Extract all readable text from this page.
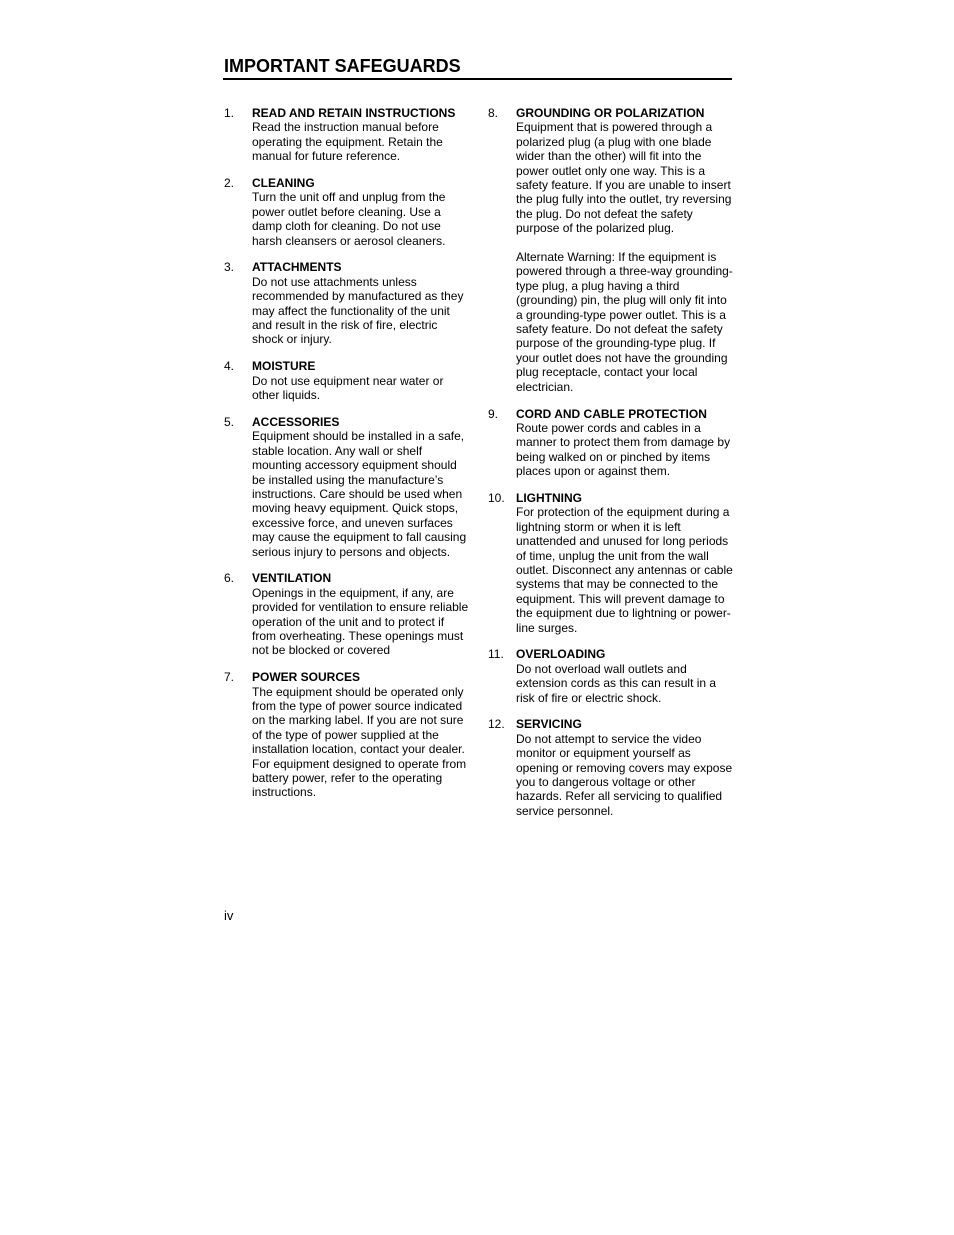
IMPORTANT SAFEGUARDS
1.	READ AND RETAIN INSTRUCTIONS
Read the instruction manual before operating the equipment. Retain the manual for future reference.
2.	CLEANING
Turn the unit off and unplug from the power outlet before cleaning. Use a damp cloth for cleaning. Do not use harsh cleansers or aerosol cleaners.
3.	ATTACHMENTS
Do not use attachments unless recommended by manufactured as they may affect the functionality of the unit and result in the risk of fire, electric shock or injury.
4.	MOISTURE
Do not use equipment near water or other liquids.
5.	ACCESSORIES
Equipment should be installed in a safe, stable location. Any wall or shelf mounting accessory equipment should be installed using the manufacture’s instructions. Care should be used when moving heavy equipment. Quick stops, excessive force, and uneven surfaces may cause the equipment to fall causing serious injury to persons and objects.
6.	VENTILATION
Openings in the equipment, if any, are provided for ventilation to ensure reliable operation of the unit and to protect if from overheating. These openings must not be blocked or covered
7.	POWER SOURCES
The equipment should be operated only from the type of power source indicated on the marking label. If you are not sure of the type of power supplied at the installation location, contact your dealer. For equipment designed to operate from battery power, refer to the operating instructions.
8.	GROUNDING OR POLARIZATION
Equipment that is powered through a polarized plug (a plug with one blade wider than the other) will fit into the power outlet only one way. This is a safety feature. If you are unable to insert the plug fully into the outlet, try reversing the plug. Do not defeat the safety purpose of the polarized plug.
Alternate Warning: If the equipment is powered through a three-way grounding-type plug, a plug having a third (grounding) pin, the plug will only fit into a grounding-type power outlet. This is a safety feature. Do not defeat the safety purpose of the grounding-type plug. If your outlet does not have the grounding plug receptacle, contact your local electrician.
9.	CORD AND CABLE PROTECTION
Route power cords and cables in a manner to protect them from damage by being walked on or pinched by items places upon or against them.
10. LIGHTNING
For protection of the equipment during a lightning storm or when it is left unattended and unused for long periods of time, unplug the unit from the wall outlet. Disconnect any antennas or cable systems that may be connected to the equipment. This will prevent damage to the equipment due to lightning or power-line surges.
11.	OVERLOADING
Do not overload wall outlets and extension cords as this can result in a risk of fire or electric shock.
12. SERVICING
Do not attempt to service the video monitor or equipment yourself as opening or removing covers may expose you to dangerous voltage or other hazards. Refer all servicing to qualified service personnel.
iv
